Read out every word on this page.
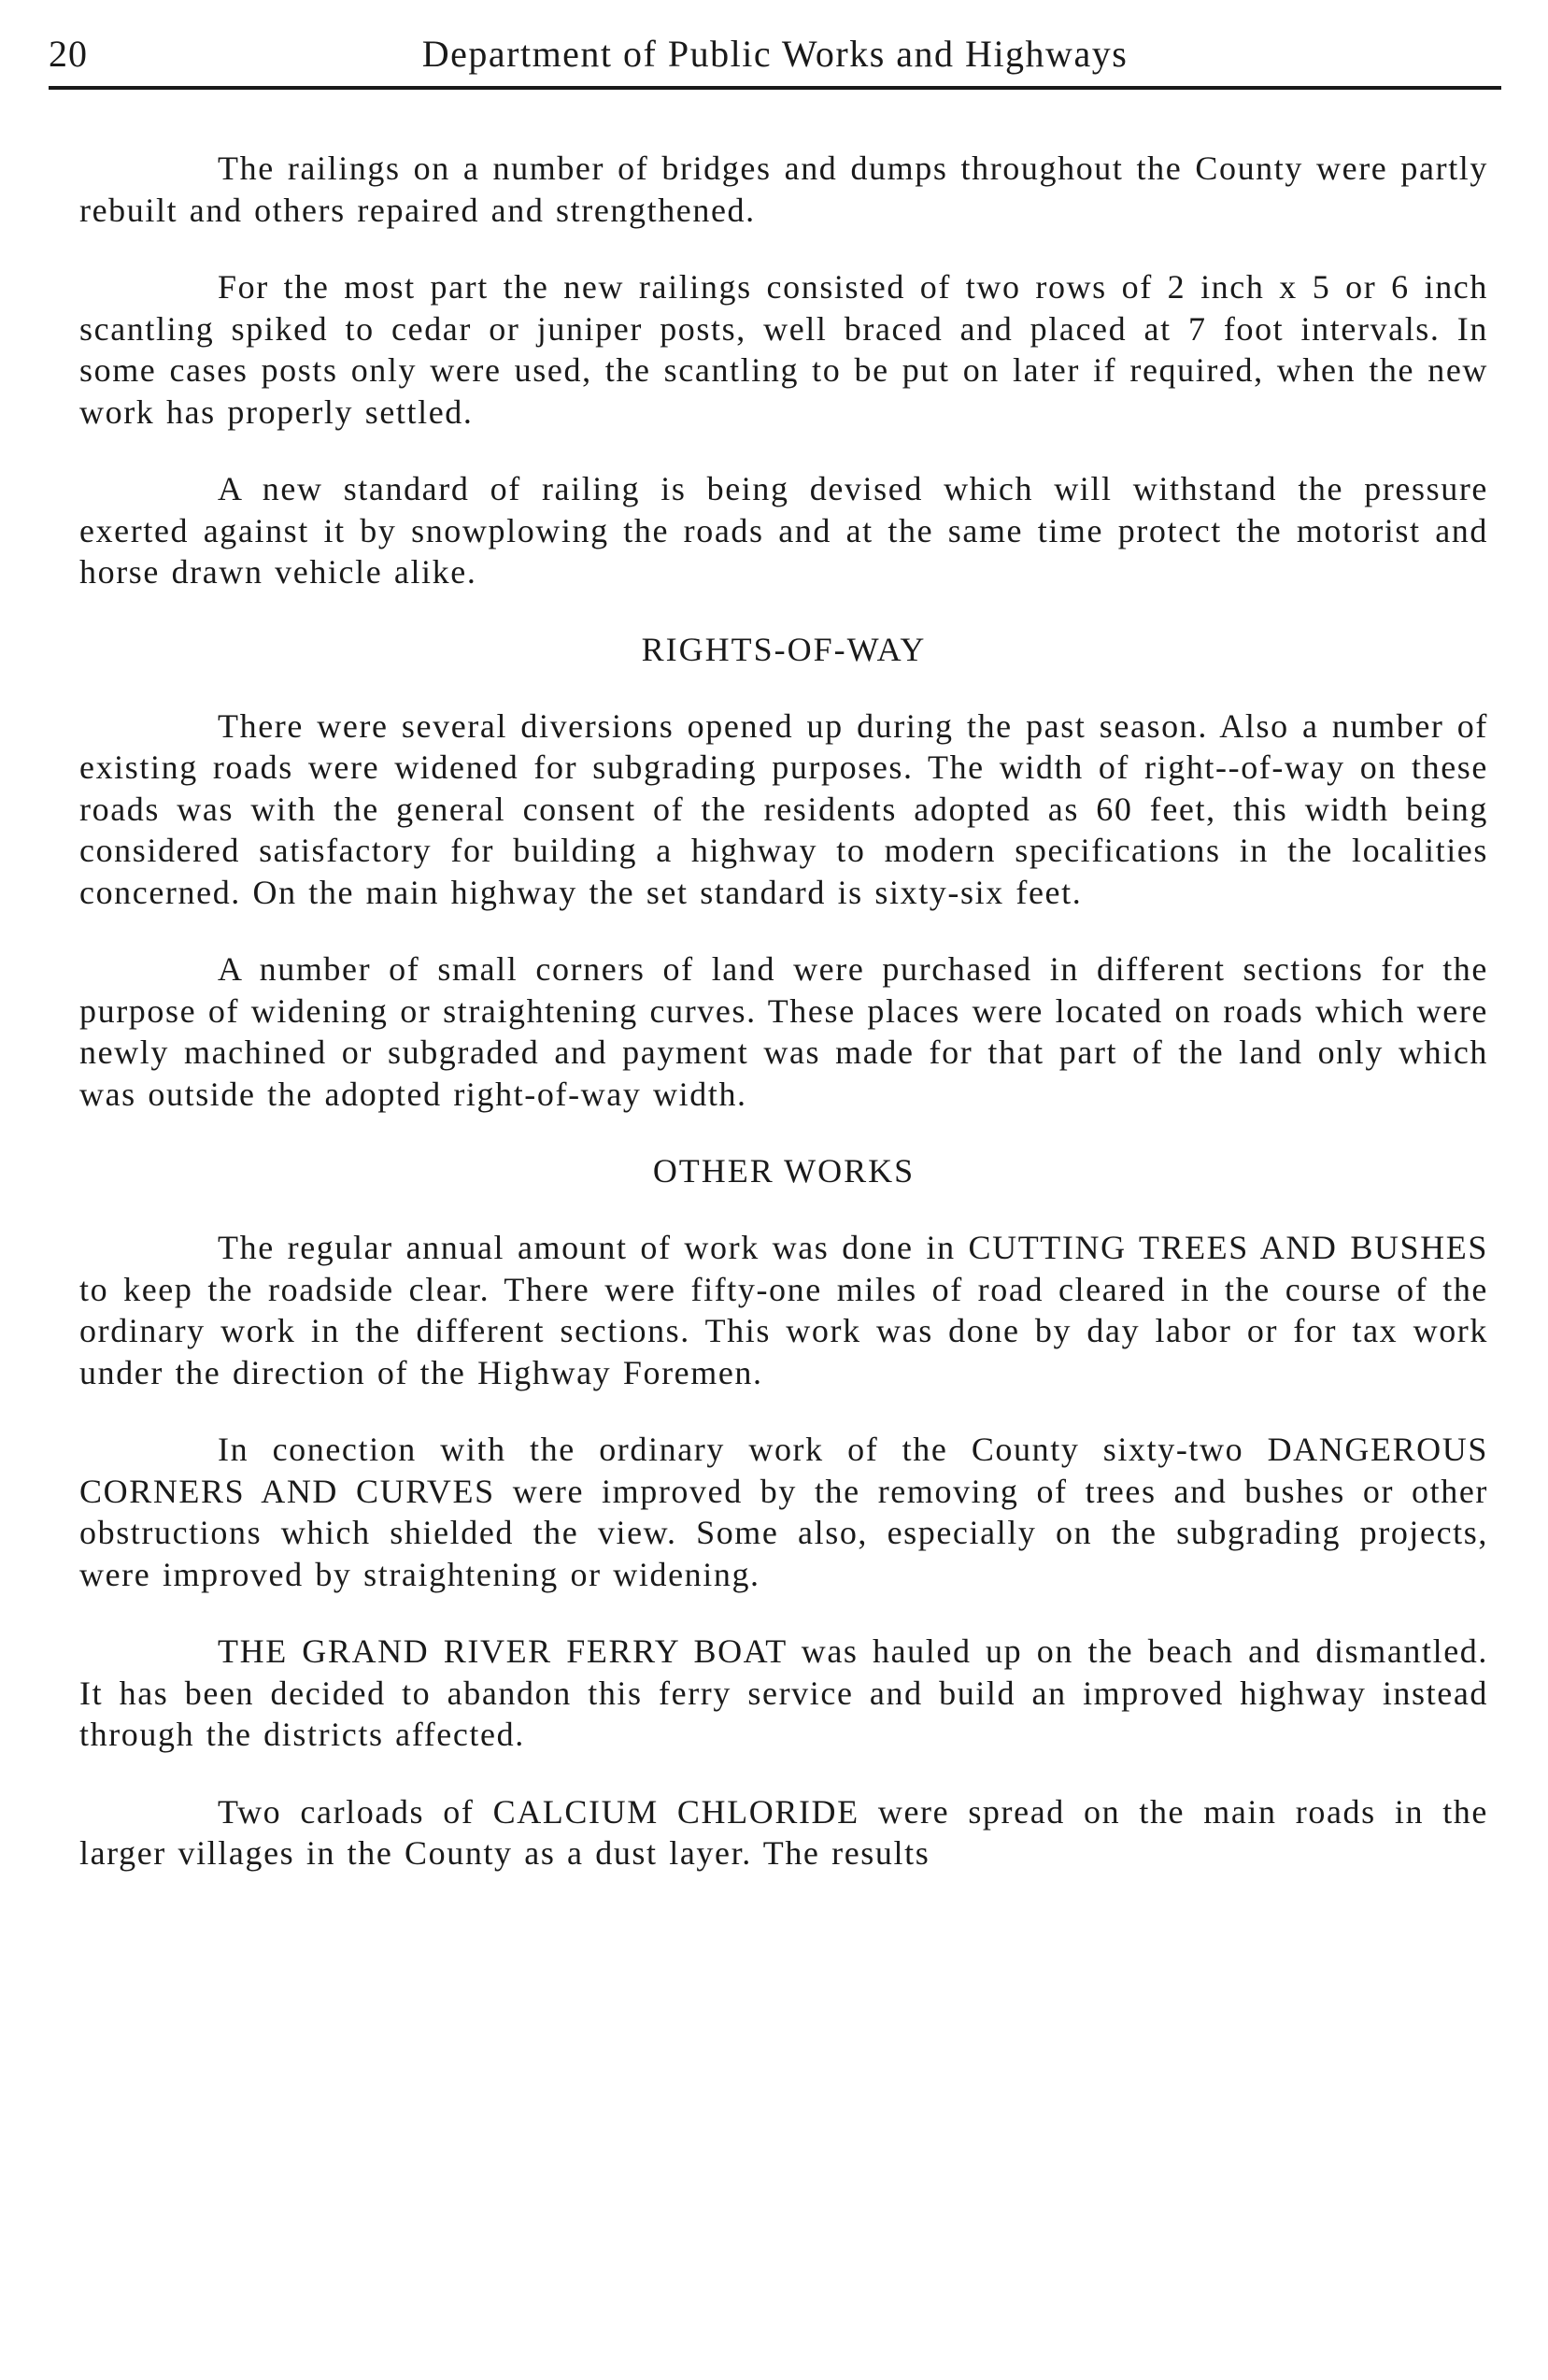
20	Department of Public Works and Highways

The railings on a number of bridges and dumps throughout the County were partly rebuilt and others repaired and strengthened.

For the most part the new railings consisted of two rows of 2 inch x 5 or 6 inch scantling spiked to cedar or juniper posts, well braced and placed at 7 foot intervals. In some cases posts only were used, the scantling to be put on later if required, when the new work has properly settled.

A new standard of railing is being devised which will withstand the pressure exerted against it by snowplowing the roads and at the same time protect the motorist and horse drawn vehicle alike.

RIGHTS-OF-WAY

There were several diversions opened up during the past season. Also a number of existing roads were widened for subgrading purposes. The width of right--of-way on these roads was with the general consent of the residents adopted as 60 feet, this width being considered satisfactory for building a highway to modern specifications in the localities concerned. On the main highway the set standard is sixty-six feet.

A number of small corners of land were purchased in different sections for the purpose of widening or straightening curves. These places were located on roads which were newly machined or subgraded and payment was made for that part of the land only which was outside the adopted right-of-way width.

OTHER WORKS

The regular annual amount of work was done in CUTTING TREES AND BUSHES to keep the roadside clear. There were fifty-one miles of road cleared in the course of the ordinary work in the different sections. This work was done by day labor or for tax work under the direction of the Highway Foremen.

In conection with the ordinary work of the County sixty-two DANGEROUS CORNERS AND CURVES were improved by the removing of trees and bushes or other obstructions which shielded the view. Some also, especially on the subgrading projects, were improved by straightening or widening.

THE GRAND RIVER FERRY BOAT was hauled up on the beach and dismantled. It has been decided to abandon this ferry service and build an improved highway instead through the districts affected.

Two carloads of CALCIUM CHLORIDE were spread on the main roads in the larger villages in the County as a dust layer. The results
